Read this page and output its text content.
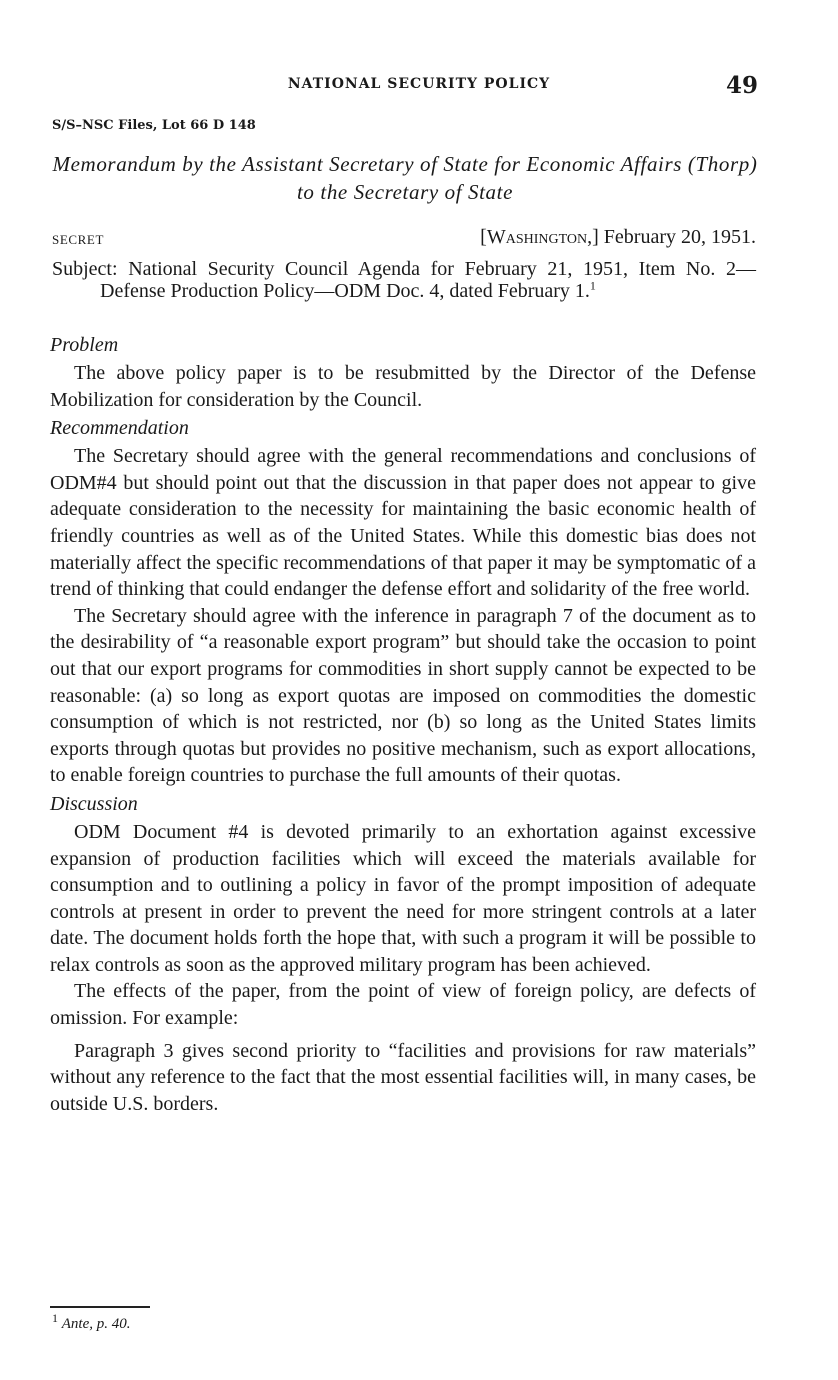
NATIONAL SECURITY POLICY	49
S/S–NSC Files, Lot 66 D 148
Memorandum by the Assistant Secretary of State for Economic Affairs (Thorp) to the Secretary of State
SECRET	[Washington,] February 20, 1951.
Subject: National Security Council Agenda for February 21, 1951, Item No. 2—Defense Production Policy—ODM Doc. 4, dated February 1.$^1$

Problem

The above policy paper is to be resubmitted by the Director of the Defense Mobilization for consideration by the Council.

Recommendation

The Secretary should agree with the general recommendations and conclusions of ODM#4 but should point out that the discussion in that paper does not appear to give adequate consideration to the necessity for maintaining the basic economic health of friendly countries as well as of the United States. While this domestic bias does not materially affect the specific recommendations of that paper it may be symptomatic of a trend of thinking that could endanger the defense effort and solidarity of the free world.

The Secretary should agree with the inference in paragraph 7 of the document as to the desirability of “a reasonable export program” but should take the occasion to point out that our export programs for commodities in short supply cannot be expected to be reasonable: (a) so long as export quotas are imposed on commodities the domestic consumption of which is not restricted, nor (b) so long as the United States limits exports through quotas but provides no positive mechanism, such as export allocations, to enable foreign countries to purchase the full amounts of their quotas.

Discussion

ODM Document #4 is devoted primarily to an exhortation against excessive expansion of production facilities which will exceed the materials available for consumption and to outlining a policy in favor of the prompt imposition of adequate controls at present in order to prevent the need for more stringent controls at a later date. The document holds forth the hope that, with such a program it will be possible to relax controls as soon as the approved military program has been achieved.

The effects of the paper, from the point of view of foreign policy, are defects of omission. For example:

Paragraph 3 gives second priority to “facilities and provisions for raw materials” without any reference to the fact that the most essential facilities will, in many cases, be outside U.S. borders.

$^1$ Ante, p. 40.
